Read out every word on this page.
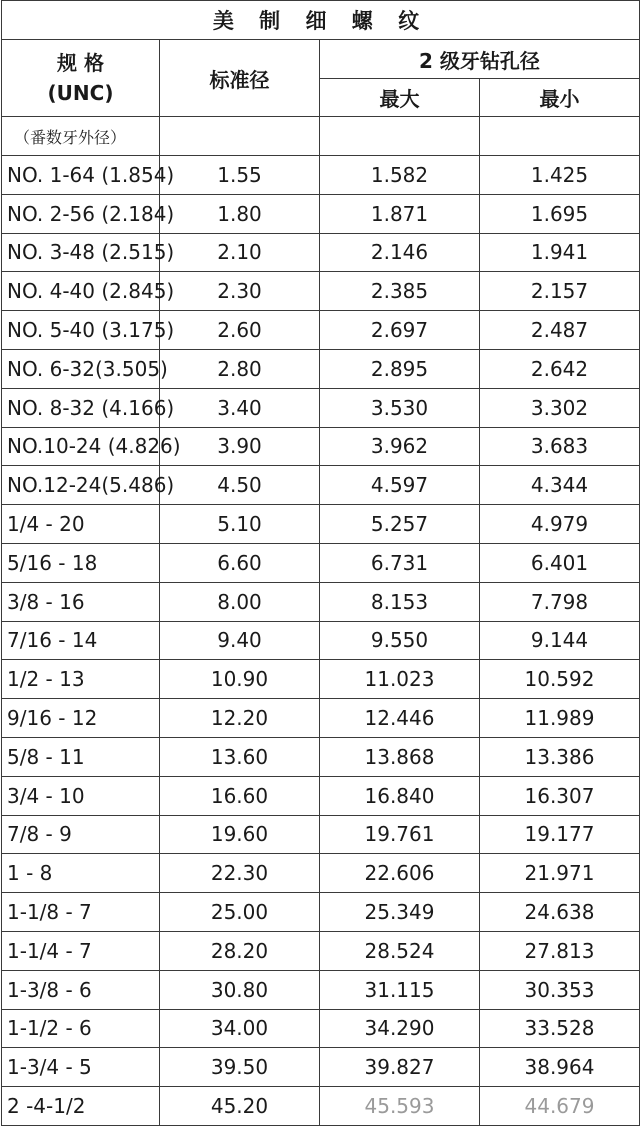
美 制 细 螺 纹			

规 格
(UNC)	标准径	2 级牙钻孔径	
		最大	最小
（番数牙外径）			
NO. 1-64 (1.854)	1.55	1.582	1.425
NO. 2-56 (2.184)	1.80	1.871	1.695
NO. 3-48 (2.515)	2.10	2.146	1.941
NO. 4-40 (2.845)	2.30	2.385	2.157
NO. 5-40 (3.175)	2.60	2.697	2.487
NO. 6-32(3.505)	2.80	2.895	2.642
NO. 8-32 (4.166)	3.40	3.530	3.302
NO.10-24 (4.826)	3.90	3.962	3.683
NO.12-24(5.486)	4.50	4.597	4.344
1/4 - 20	5.10	5.257	4.979
5/16 - 18	6.60	6.731	6.401
3/8 - 16	8.00	8.153	7.798
7/16 - 14	9.40	9.550	9.144
1/2 - 13	10.90	11.023	10.592
9/16 - 12	12.20	12.446	11.989
5/8 - 11	13.60	13.868	13.386
3/4 - 10	16.60	16.840	16.307
7/8 - 9	19.60	19.761	19.177
1 - 8	22.30	22.606	21.971
1-1/8 - 7	25.00	25.349	24.638
1-1/4 - 7	28.20	28.524	27.813
1-3/8 - 6	30.80	31.115	30.353
1-1/2 - 6	34.00	34.290	33.528
1-3/4 - 5	39.50	39.827	38.964
2 -4-1/2	45.20	45.593	44.679
